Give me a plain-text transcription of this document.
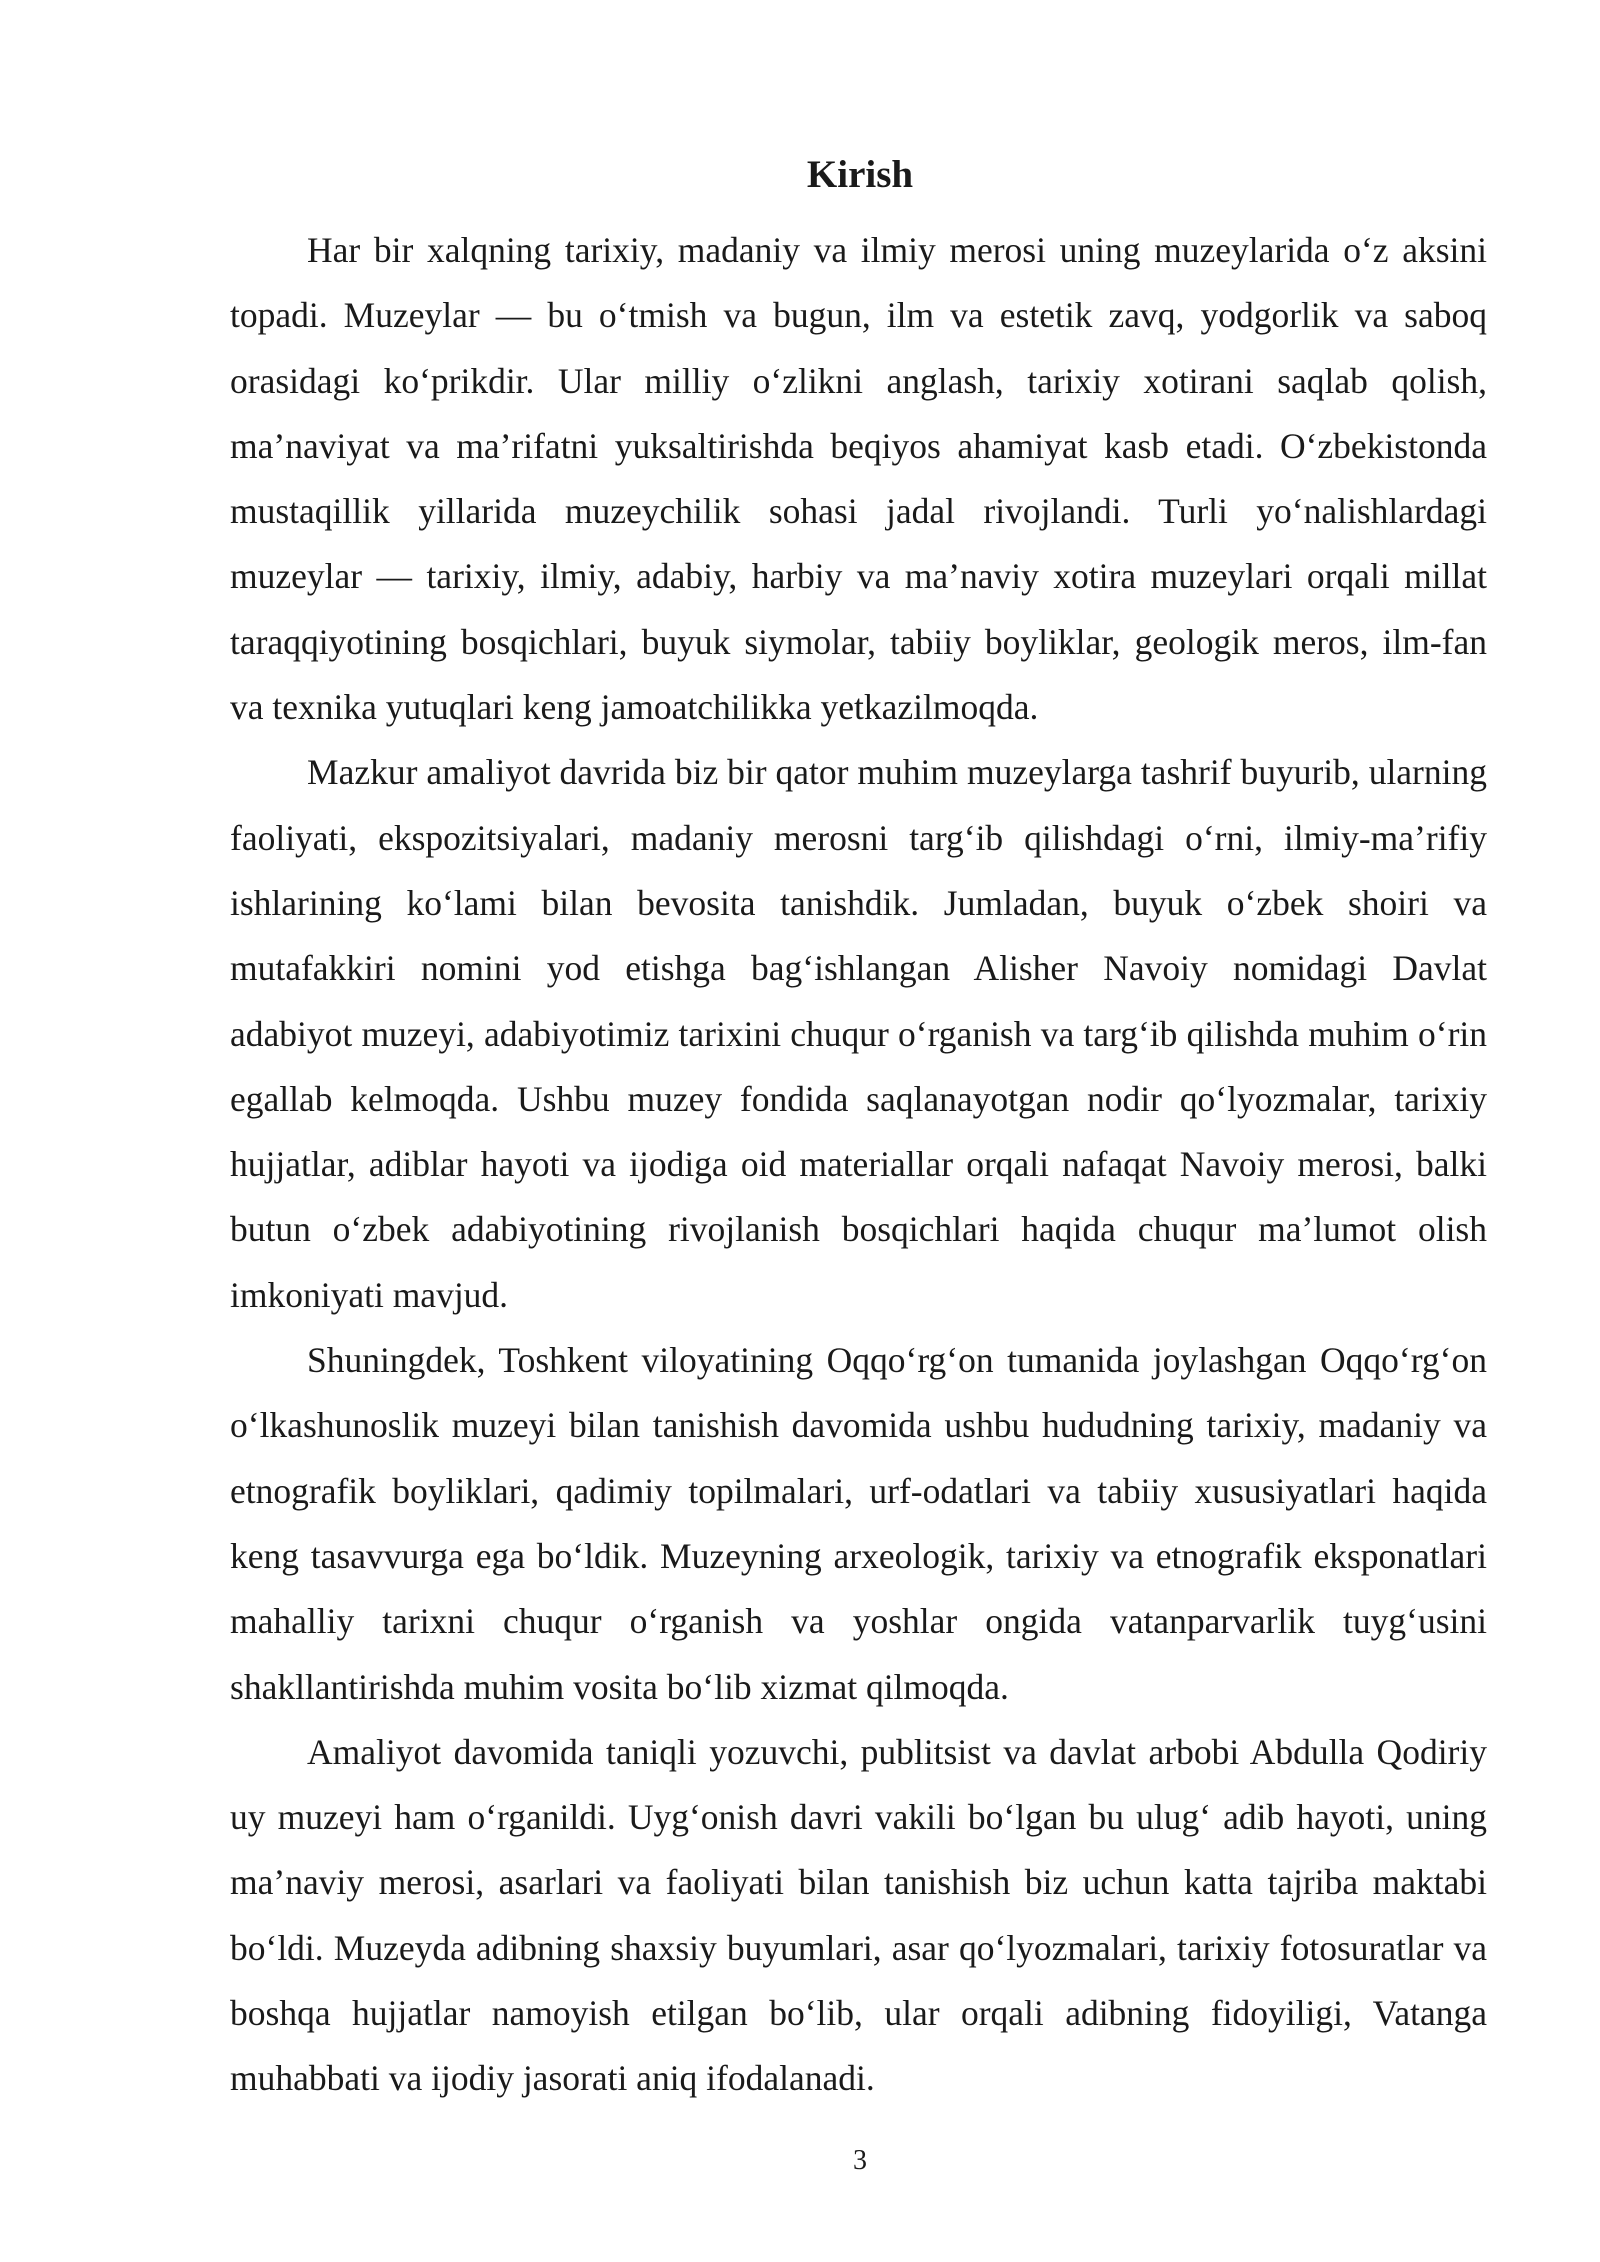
Kirish

Har bir xalqning tarixiy, madaniy va ilmiy merosi uning muzeylarida o‘z aksini topadi. Muzeylar — bu o‘tmish va bugun, ilm va estetik zavq, yodgorlik va saboq orasidagi ko‘prikdir. Ular milliy o‘zlikni anglash, tarixiy xotirani saqlab qolish, ma’naviyat va ma’rifatni yuksaltirishda beqiyos ahamiyat kasb etadi. O‘zbekistonda mustaqillik yillarida muzeychilik sohasi jadal rivojlandi. Turli yo‘nalishlardagi muzeylar — tarixiy, ilmiy, adabiy, harbiy va ma’naviy xotira muzeylari orqali millat taraqqiyotining bosqichlari, buyuk siymolar, tabiiy boyliklar, geologik meros, ilm-fan va texnika yutuqlari keng jamoatchilikka yetkazilmoqda.

Mazkur amaliyot davrida biz bir qator muhim muzeylarga tashrif buyurib, ularning faoliyati, ekspozitsiyalari, madaniy merosni targ‘ib qilishdagi o‘rni, ilmiy-ma’rifiy ishlarining ko‘lami bilan bevosita tanishdik. Jumladan, buyuk o‘zbek shoiri va mutafakkiri nomini yod etishga bag‘ishlangan Alisher Navoiy nomidagi Davlat adabiyot muzeyi, adabiyotimiz tarixini chuqur o‘rganish va targ‘ib qilishda muhim o‘rin egallab kelmoqda. Ushbu muzey fondida saqlanayotgan nodir qo‘lyozmalar, tarixiy hujjatlar, adiblar hayoti va ijodiga oid materiallar orqali nafaqat Navoiy merosi, balki butun o‘zbek adabiyotining rivojlanish bosqichlari haqida chuqur ma’lumot olish imkoniyati mavjud.

Shuningdek, Toshkent viloyatining Oqqo‘rg‘on tumanida joylashgan Oqqo‘rg‘on o‘lkashunoslik muzeyi bilan tanishish davomida ushbu hududning tarixiy, madaniy va etnografik boyliklari, qadimiy topilmalari, urf-odatlari va tabiiy xususiyatlari haqida keng tasavvurga ega bo‘ldik. Muzeyning arxeologik, tarixiy va etnografik eksponatlari mahalliy tarixni chuqur o‘rganish va yoshlar ongida vatanparvarlik tuyg‘usini shakllantirishda muhim vosita bo‘lib xizmat qilmoqda.

Amaliyot davomida taniqli yozuvchi, publitsist va davlat arbobi Abdulla Qodiriy uy muzeyi ham o‘rganildi. Uyg‘onish davri vakili bo‘lgan bu ulug‘ adib hayoti, uning ma’naviy merosi, asarlari va faoliyati bilan tanishish biz uchun katta tajriba maktabi bo‘ldi. Muzeyda adibning shaxsiy buyumlari, asar qo‘lyozmalari, tarixiy fotosuratlar va boshqa hujjatlar namoyish etilgan bo‘lib, ular orqali adibning fidoyiligi, Vatanga muhabbati va ijodiy jasorati aniq ifodalanadi.

3
